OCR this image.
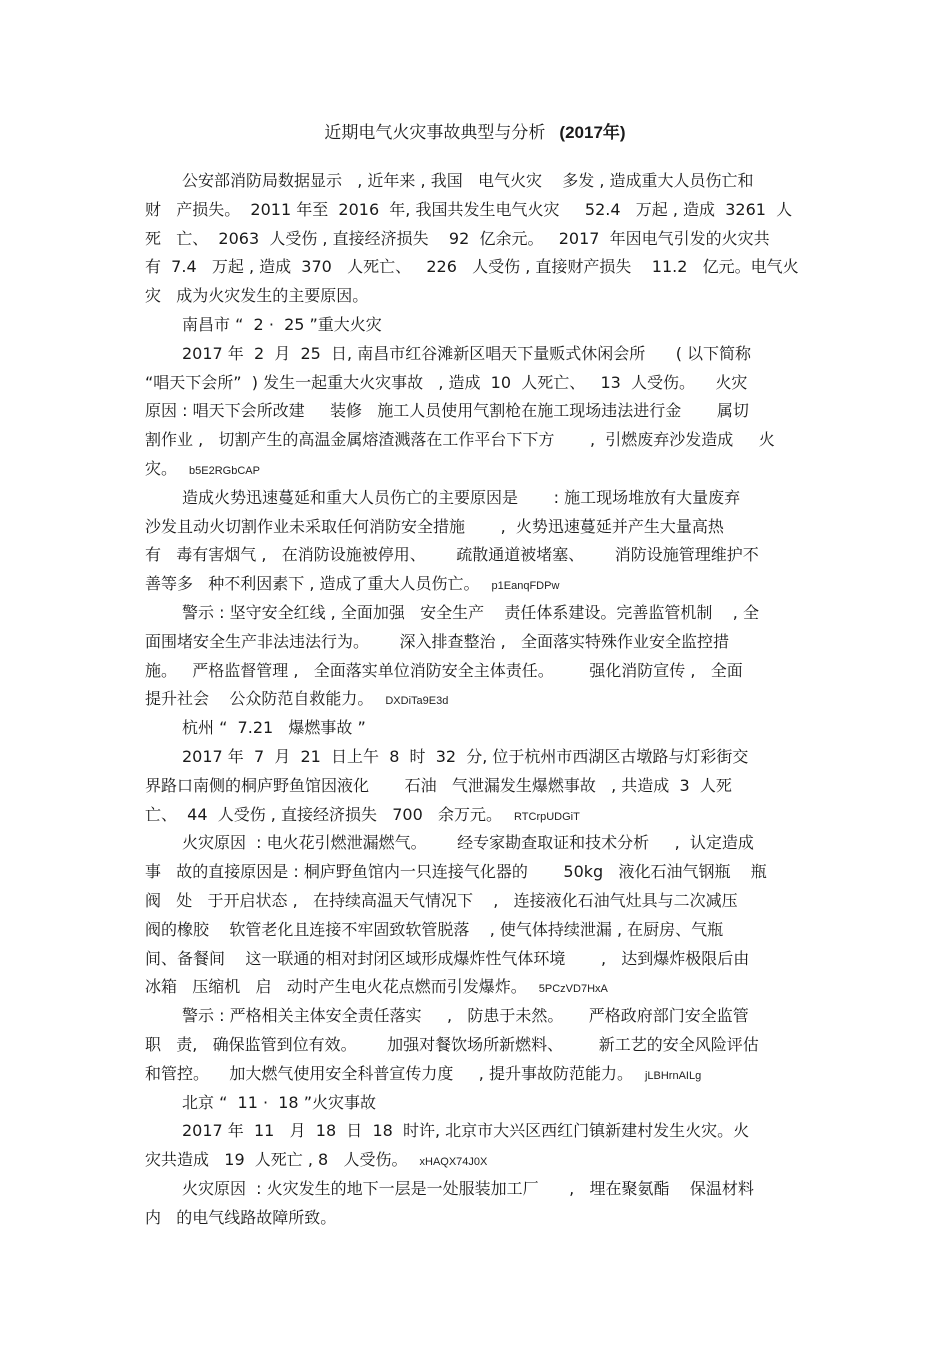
近期电气火灾事故典型与分析 (2017年)
公安部消防局数据显示   , 近年来 , 我国   电气火灾    多发 , 造成重大人员伤亡和
财   产损失。  2011 年至  2016  年, 我国共发生电气火灾     52.4   万起 , 造成  3261  人
死   亡、  2063  人受伤 , 直接经济损失    92  亿余元。   2017  年因电气引发的火灾共
有  7.4   万起 , 造成  370   人死亡、   226   人受伤 , 直接财产损失    11.2   亿元。电气火
灾   成为火灾发生的主要原因。
南昌市 “  2 ·  25 ”重大火灾
2017 年  2  月  25  日, 南昌市红谷滩新区唱天下量贩式休闲会所      ( 以下简称
“唱天下会所”  ) 发生一起重大火灾事故   , 造成  10  人死亡、   13  人受伤。    火灾
原因 : 唱天下会所改建     装修   施工人员使用气割枪在施工现场违法进行金       属切
割作业 ,   切割产生的高温金属熔渣溅落在工作平台下下方       ,  引燃废弃沙发造成     火
灾。 b5E2RGbCAP
造成火势迅速蔓延和重大人员伤亡的主要原因是       : 施工现场堆放有大量废弃
沙发且动火切割作业未采取任何消防安全措施       ,  火势迅速蔓延并产生大量高热
有   毒有害烟气 ,   在消防设施被停用、      疏散通道被堵塞、      消防设施管理维护不
善等多   种不利因素下 , 造成了重大人员伤亡。 p1EanqFDPw
警示 : 坚守安全红线 , 全面加强   安全生产    责任体系建设。完善监管机制    , 全
面围堵安全生产非法违法行为。      深入排查整治 ,   全面落实特殊作业安全监控措
施。   严格监督管理 ,   全面落实单位消防安全主体责任。       强化消防宣传 ,   全面
提升社会    公众防范自救能力。 DXDiTa9E3d
杭州 “  7.21   爆燃事故 ”
2017 年  7  月  21  日上午  8  时  32  分, 位于杭州市西湖区古墩路与灯彩街交
界路口南侧的桐庐野鱼馆因液化       石油   气泄漏发生爆燃事故   , 共造成  3  人死
亡、  44  人受伤 , 直接经济损失   700   余万元。 RTCrpUDGiT
火灾原因  : 电火花引燃泄漏燃气。      经专家勘查取证和技术分析     ,  认定造成
事   故的直接原因是 : 桐庐野鱼馆内一只连接气化器的       50kg   液化石油气钢瓶    瓶
阀   处   于开启状态 ,   在持续高温天气情况下    ,   连接液化石油气灶具与二次减压
阀的橡胶    软管老化且连接不牢固致软管脱落    , 使气体持续泄漏 , 在厨房、气瓶
间、备餐间    这一联通的相对封闭区域形成爆炸性气体环境       ,   达到爆炸极限后由
冰箱   压缩机   启   动时产生电火花点燃而引发爆炸。 5PCzVD7HxA
警示 : 严格相关主体安全责任落实     ,   防患于未然。     严格政府部门安全监管
职   责,   确保监管到位有效。      加强对餐饮场所新燃料、       新工艺的安全风险评估
和管控。    加大燃气使用安全科普宣传力度     , 提升事故防范能力。 jLBHrnAILg
北京 “  11 ·  18 ”火灾事故
2017 年  11   月  18  日  18  时许, 北京市大兴区西红门镇新建村发生火灾。火
灾共造成   19  人死亡 , 8   人受伤。 xHAQX74J0X
火灾原因  : 火灾发生的地下一层是一处服装加工厂      ,   埋在聚氨酯    保温材料
内   的电气线路故障所致。
